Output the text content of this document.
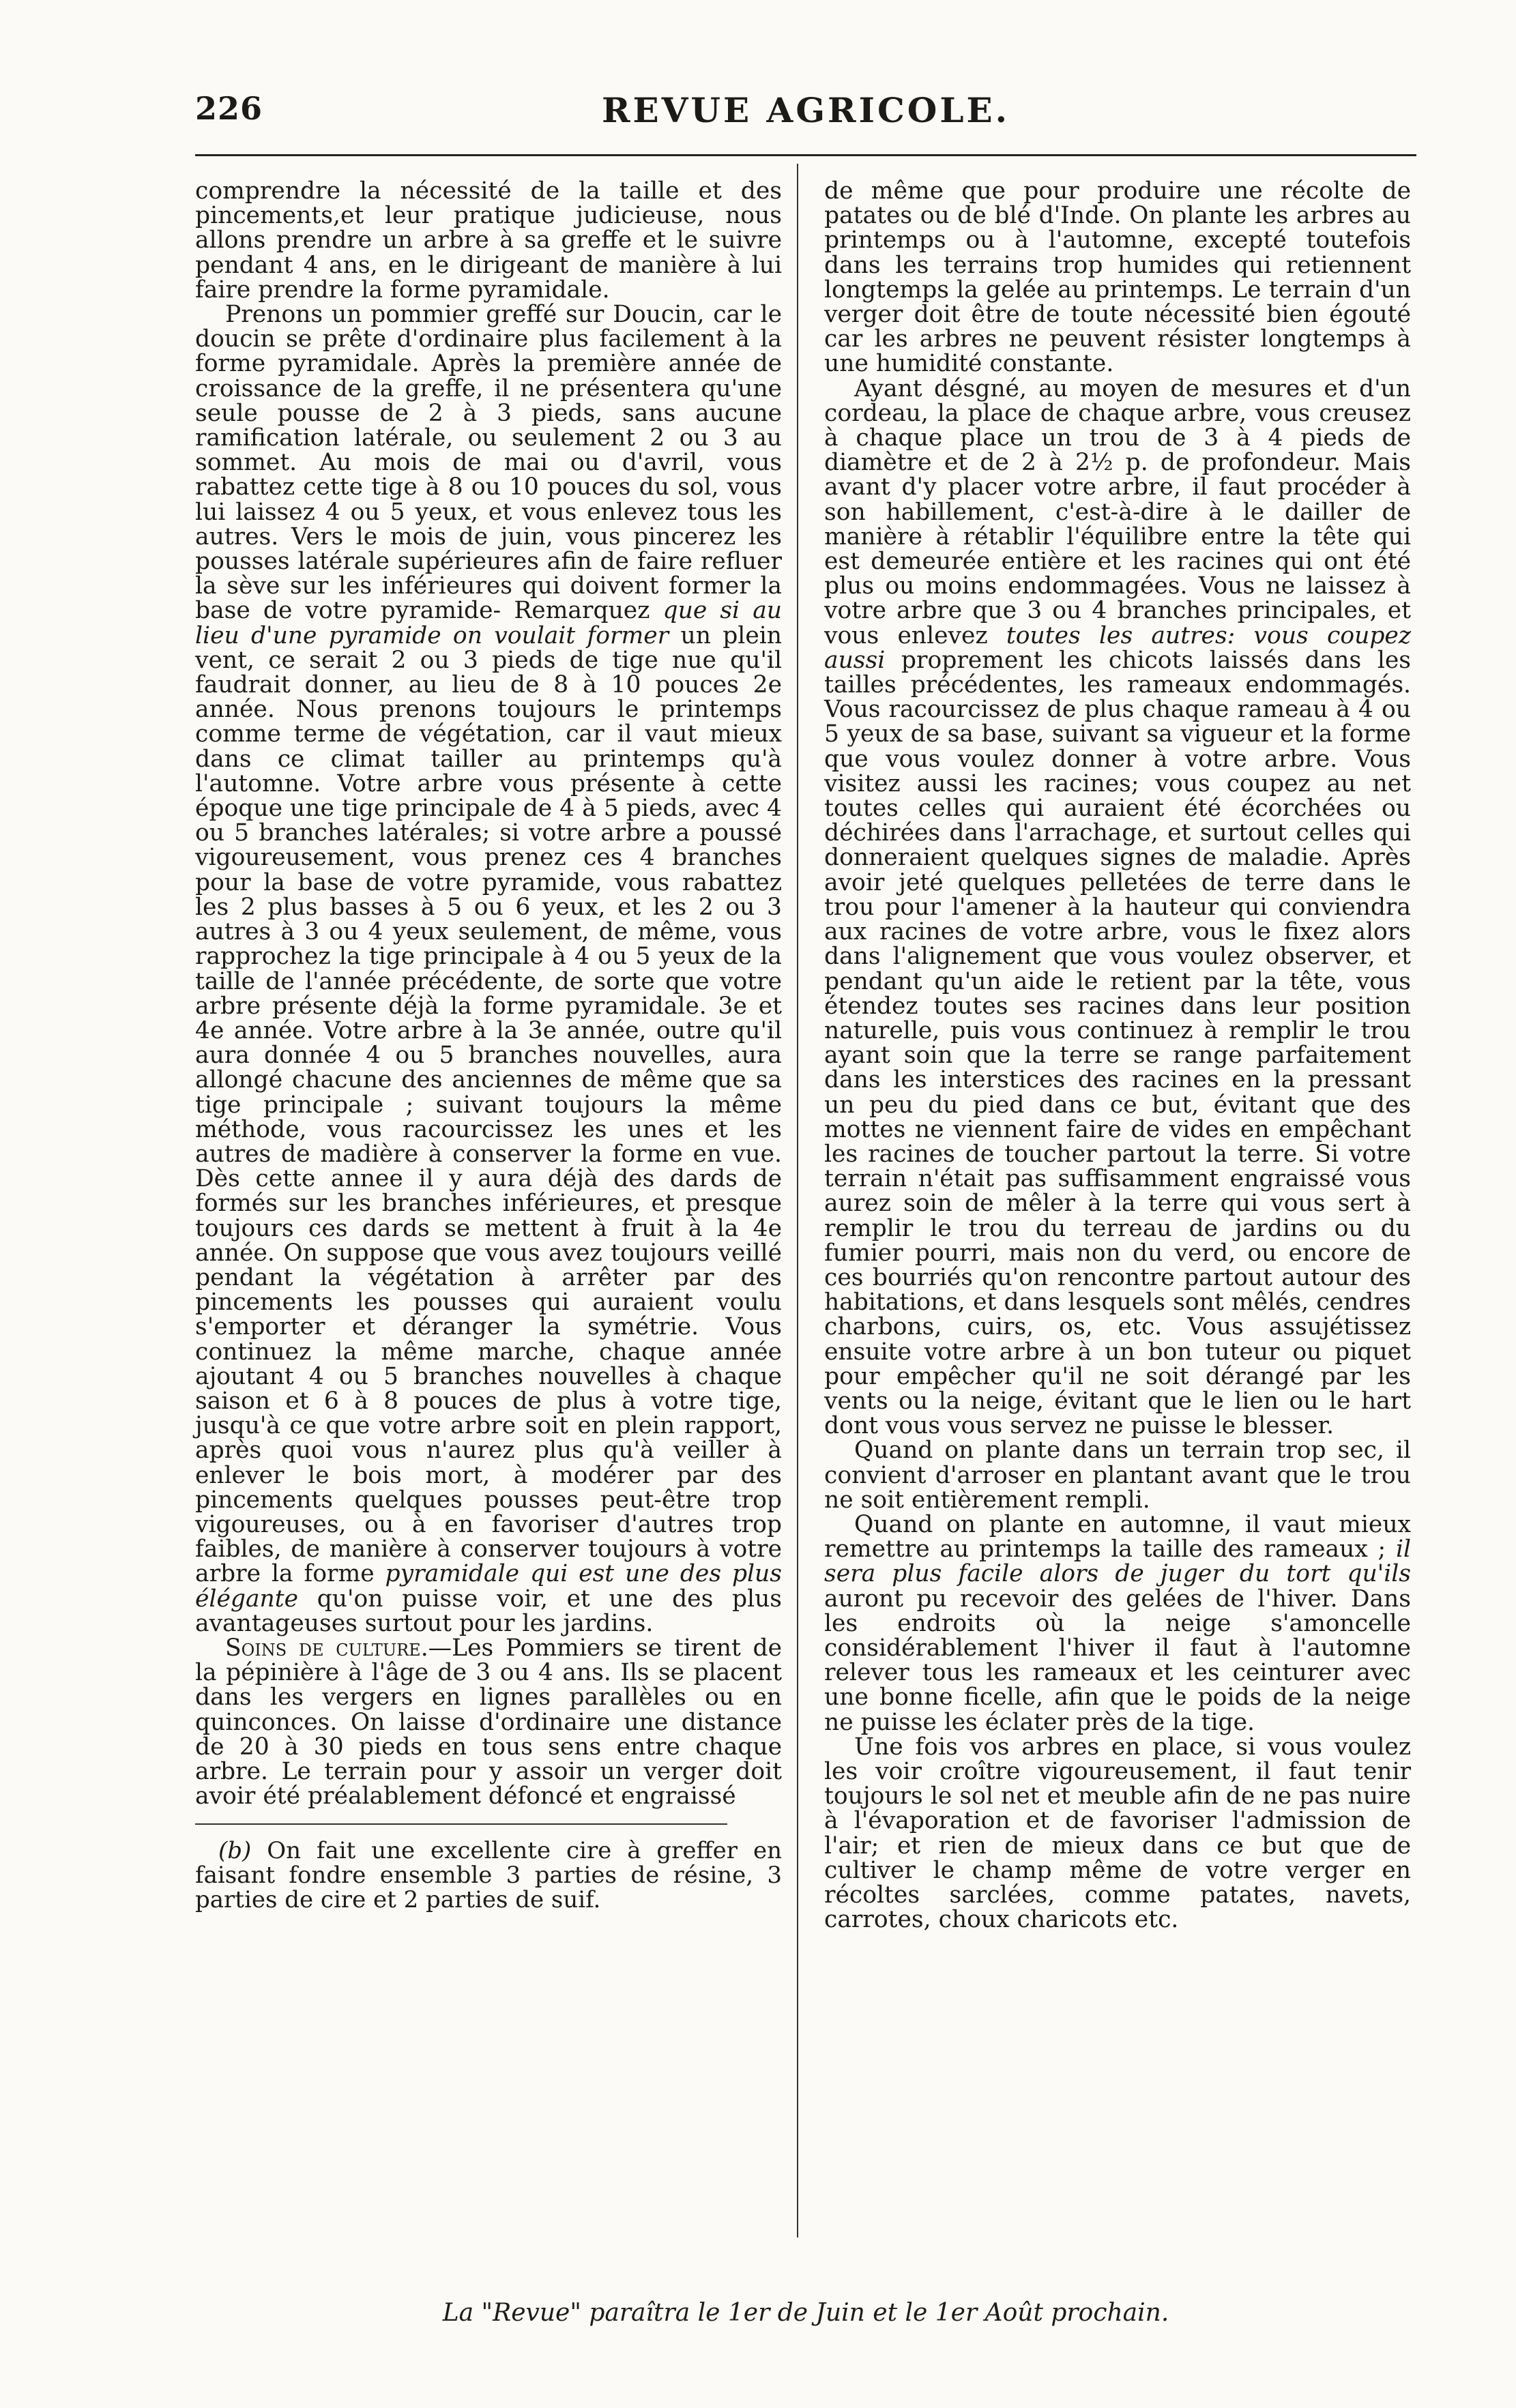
226	REVUE AGRICOLE.

comprendre la nécessité de la taille et des pincements,et leur pratique judicieuse, nous allons prendre un arbre à sa greffe et le suivre pendant 4 ans, en le dirigeant de manière à lui faire prendre la forme pyramidale.

Prenons un pommier greffé sur Doucin, car le doucin se prête d'ordinaire plus facilement à la forme pyramidale. Après la première année de croissance de la greffe, il ne présentera qu'une seule pousse de 2 à 3 pieds, sans aucune ramification latérale, ou seulement 2 ou 3 au sommet. Au mois de mai ou d'avril, vous rabattez cette tige à 8 ou 10 pouces du sol, vous lui laissez 4 ou 5 yeux, et vous enlevez tous les autres. Vers le mois de juin, vous pincerez les pousses latérale supérieures afin de faire refluer la sève sur les inférieures qui doivent former la base de votre pyramide- Remarquez que si au lieu d'une pyramide on voulait former un plein vent, ce serait 2 ou 3 pieds de tige nue qu'il faudrait donner, au lieu de 8 à 10 pouces 2e année. Nous prenons toujours le printemps comme terme de végétation, car il vaut mieux dans ce climat tailler au printemps qu'à l'automne. Votre arbre vous présente à cette époque une tige principale de 4 à 5 pieds, avec 4 ou 5 branches latérales; si votre arbre a poussé vigoureusement, vous prenez ces 4 branches pour la base de votre pyramide, vous rabattez les 2 plus basses à 5 ou 6 yeux, et les 2 ou 3 autres à 3 ou 4 yeux seulement, de même, vous rapprochez la tige principale à 4 ou 5 yeux de la taille de l'année précédente, de sorte que votre arbre présente déjà la forme pyramidale. 3e et 4e année. Votre arbre à la 3e année, outre qu'il aura donnée 4 ou 5 branches nouvelles, aura allongé chacune des anciennes de même que sa tige principale ; suivant toujours la même méthode, vous racourcissez les unes et les autres de madière à conserver la forme en vue. Dès cette annee il y aura déjà des dards de formés sur les branches inférieures, et presque toujours ces dards se mettent à fruit à la 4e année. On suppose que vous avez toujours veillé pendant la végétation à arrêter par des pincements les pousses qui auraient voulu s'emporter et déranger la symétrie. Vous continuez la même marche, chaque année ajoutant 4 ou 5 branches nouvelles à chaque saison et 6 à 8 pouces de plus à votre tige, jusqu'à ce que votre arbre soit en plein rapport, après quoi vous n'aurez plus qu'à veiller à enlever le bois mort, à modérer par des pincements quelques pousses peut-être trop vigoureuses, ou à en favoriser d'autres trop faibles, de manière à conserver toujours à votre arbre la forme pyramidale qui est une des plus élégante qu'on puisse voir, et une des plus avantageuses surtout pour les jardins.

Soins de culture.—Les Pommiers se tirent de la pépinière à l'âge de 3 ou 4 ans. Ils se placent dans les vergers en lignes parallèles ou en quinconces. On laisse d'ordinaire une distance de 20 à 30 pieds en tous sens entre chaque arbre. Le terrain pour y assoir un verger doit avoir été préalablement défoncé et engraissé

 (b) On fait une excellente cire à greffer en faisant fondre ensemble 3 parties de résine, 3 parties de cire et 2 parties de suif.

de même que pour produire une récolte de patates ou de blé d'Inde. On plante les arbres au printemps ou à l'automne, excepté toutefois dans les terrains trop humides qui retiennent longtemps la gelée au printemps. Le terrain d'un verger doit être de toute nécessité bien égouté car les arbres ne peuvent résister longtemps à une humidité constante.

Ayant désgné, au moyen de mesures et d'un cordeau, la place de chaque arbre, vous creusez à chaque place un trou de 3 à 4 pieds de diamètre et de 2 à 2½ p. de profondeur. Mais avant d'y placer votre arbre, il faut procéder à son habillement, c'est-à-dire à le dailler de manière à rétablir l'équilibre entre la tête qui est demeurée entière et les racines qui ont été plus ou moins endommagées. Vous ne laissez à votre arbre que 3 ou 4 branches principales, et vous enlevez toutes les autres: vous coupez aussi proprement les chicots laissés dans les tailles précédentes, les rameaux endommagés. Vous racourcissez de plus chaque rameau à 4 ou 5 yeux de sa base, suivant sa vigueur et la forme que vous voulez donner à votre arbre. Vous visitez aussi les racines; vous coupez au net toutes celles qui auraient été écorchées ou déchirées dans l'arrachage, et surtout celles qui donneraient quelques signes de maladie. Après avoir jeté quelques pelletées de terre dans le trou pour l'amener à la hauteur qui conviendra aux racines de votre arbre, vous le fixez alors dans l'alignement que vous voulez observer, et pendant qu'un aide le retient par la tête, vous étendez toutes ses racines dans leur position naturelle, puis vous continuez à remplir le trou ayant soin que la terre se range parfaitement dans les interstices des racines en la pressant un peu du pied dans ce but, évitant que des mottes ne viennent faire de vides en empêchant les racines de toucher partout la terre. Si votre terrain n'était pas suffisamment engraissé vous aurez soin de mêler à la terre qui vous sert à remplir le trou du terreau de jardins ou du fumier pourri, mais non du verd, ou encore de ces bourriés qu'on rencontre partout autour des habitations, et dans lesquels sont mêlés, cendres charbons, cuirs, os, etc. Vous assujétissez ensuite votre arbre à un bon tuteur ou piquet pour empêcher qu'il ne soit dérangé par les vents ou la neige, évitant que le lien ou le hart dont vous vous servez ne puisse le blesser.

Quand on plante dans un terrain trop sec, il convient d'arroser en plantant avant que le trou ne soit entièrement rempli.

Quand on plante en automne, il vaut mieux remettre au printemps la taille des rameaux ; il sera plus facile alors de juger du tort qu'ils auront pu recevoir des gelées de l'hiver. Dans les endroits où la neige s'amoncelle considérablement l'hiver il faut à l'automne relever tous les rameaux et les ceinturer avec une bonne ficelle, afin que le poids de la neige ne puisse les éclater près de la tige.

Une fois vos arbres en place, si vous voulez les voir croître vigoureusement, il faut tenir toujours le sol net et meuble afin de ne pas nuire à l'évaporation et de favoriser l'admission de l'air; et rien de mieux dans ce but que de cultiver le champ même de votre verger en récoltes sarclées, comme patates, navets, carrotes, choux charicots etc.

La "Revue" paraîtra le 1er de Juin et le 1er Août prochain.
